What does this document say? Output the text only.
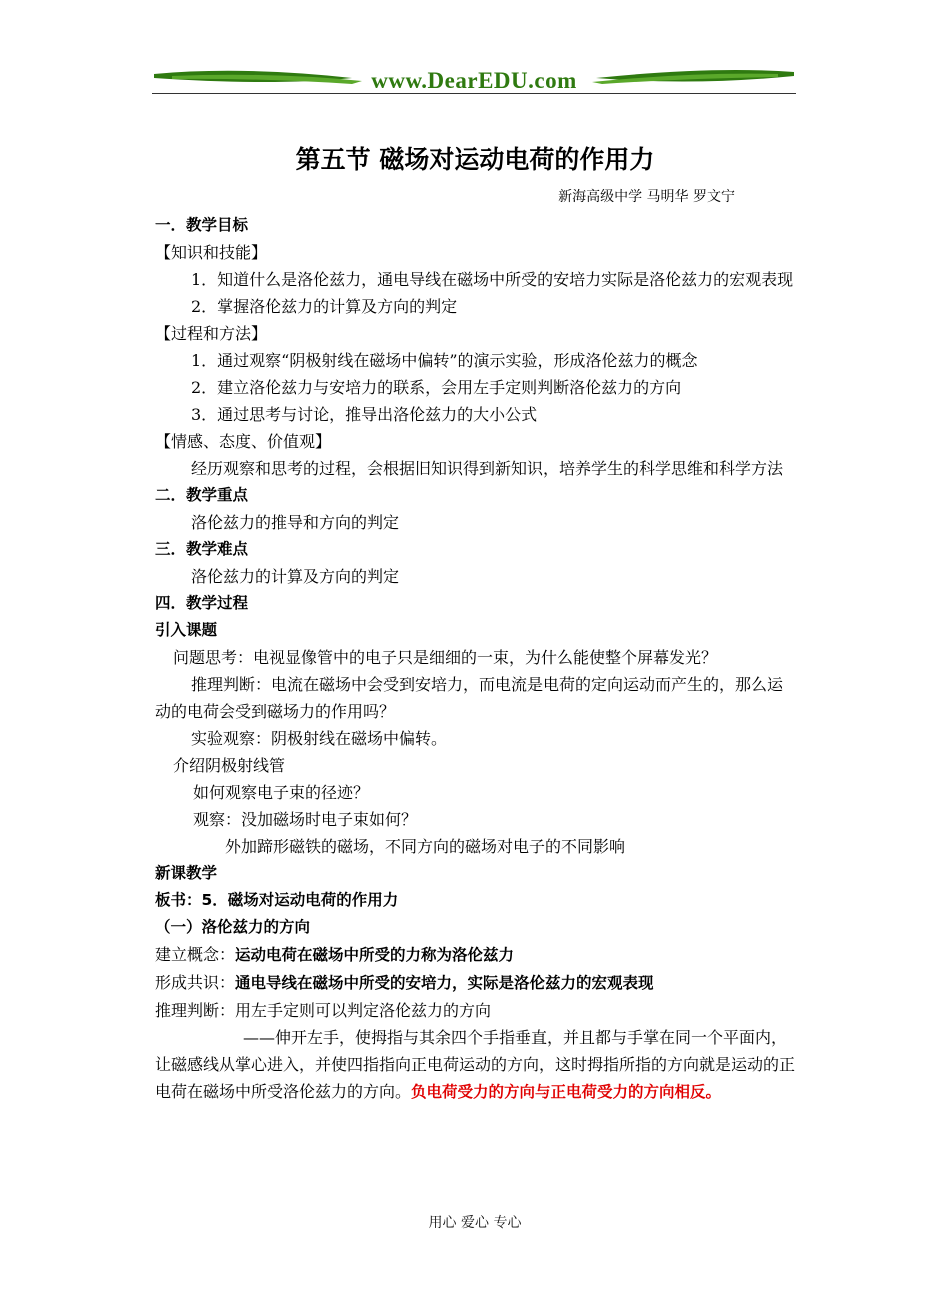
www.DearEDU.com
第五节 磁场对运动电荷的作用力
新海高级中学 马明华 罗文宁

一．教学目标

【知识和技能】

1．知道什么是洛伦兹力，通电导线在磁场中所受的安培力实际是洛伦兹力的宏观表现

2．掌握洛伦兹力的计算及方向的判定

【过程和方法】

1．通过观察“阴极射线在磁场中偏转”的演示实验，形成洛伦兹力的概念

2．建立洛伦兹力与安培力的联系，会用左手定则判断洛伦兹力的方向

3．通过思考与讨论，推导出洛伦兹力的大小公式

【情感、态度、价值观】

经历观察和思考的过程，会根据旧知识得到新知识，培养学生的科学思维和科学方法

二．教学重点

洛伦兹力的推导和方向的判定

三．教学难点

洛伦兹力的计算及方向的判定

四．教学过程

引入课题

问题思考：电视显像管中的电子只是细细的一束，为什么能使整个屏幕发光？

推理判断：电流在磁场中会受到安培力，而电流是电荷的定向运动而产生的，那么运动的电荷会受到磁场力的作用吗？

实验观察：阴极射线在磁场中偏转。

介绍阴极射线管

如何观察电子束的径迹？

观察：没加磁场时电子束如何？

外加蹄形磁铁的磁场，不同方向的磁场对电子的不同影响

新课教学

板书：5．磁场对运动电荷的作用力

（一）洛伦兹力的方向

建立概念：运动电荷在磁场中所受的力称为洛伦兹力

形成共识：通电导线在磁场中所受的安培力，实际是洛伦兹力的宏观表现

推理判断：用左手定则可以判定洛伦兹力的方向

——伸开左手，使拇指与其余四个手指垂直，并且都与手掌在同一个平面内，让磁感线从掌心进入，并使四指指向正电荷运动的方向，这时拇指所指的方向就是运动的正电荷在磁场中所受洛伦兹力的方向。负电荷受力的方向与正电荷受力的方向相反。

用心 爱心 专心
